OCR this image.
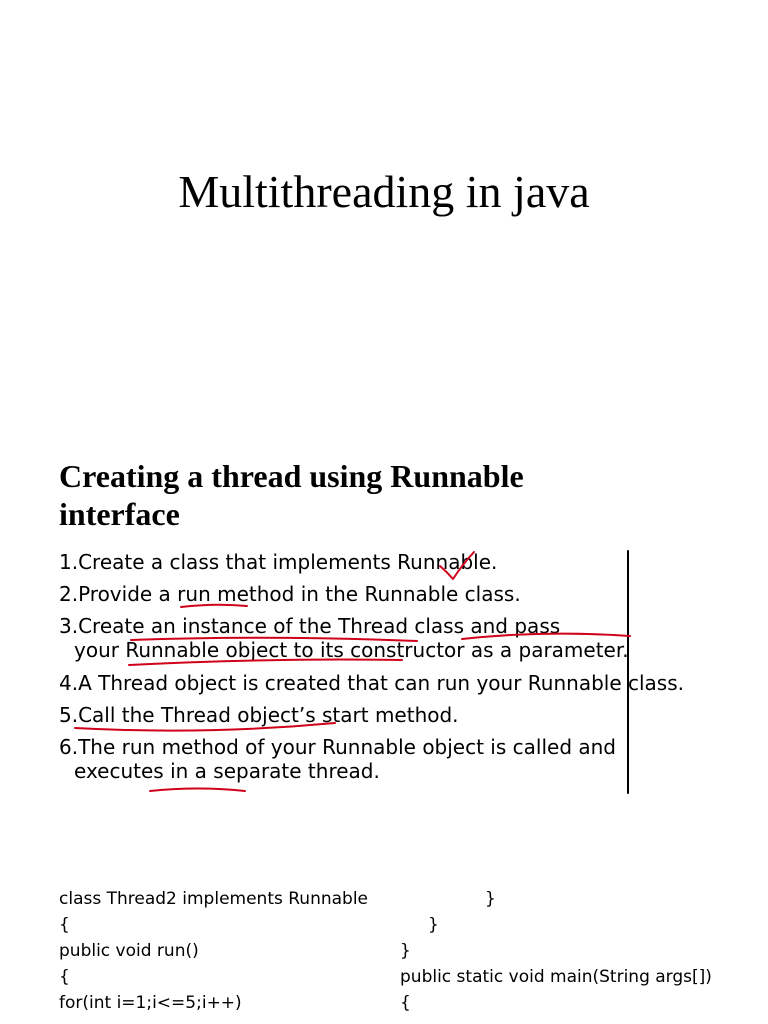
Multithreading in java
Creating a thread using Runnable
interface
1.Create a class that implements Runnable.
2.Provide a run method in the Runnable class.
3.Create an instance of the Thread class and pass
your Runnable object to its constructor as a parameter.
4.A Thread object is created that can run your Runnable class.
5.Call the Thread object’s start method.
6.The run method of your Runnable object is called and
executes in a separate thread.
class Thread2 implements Runnable
{
public void run()
{
for(int i=1;i<=5;i++)
}
}
}
public static void main(String args[])
{
